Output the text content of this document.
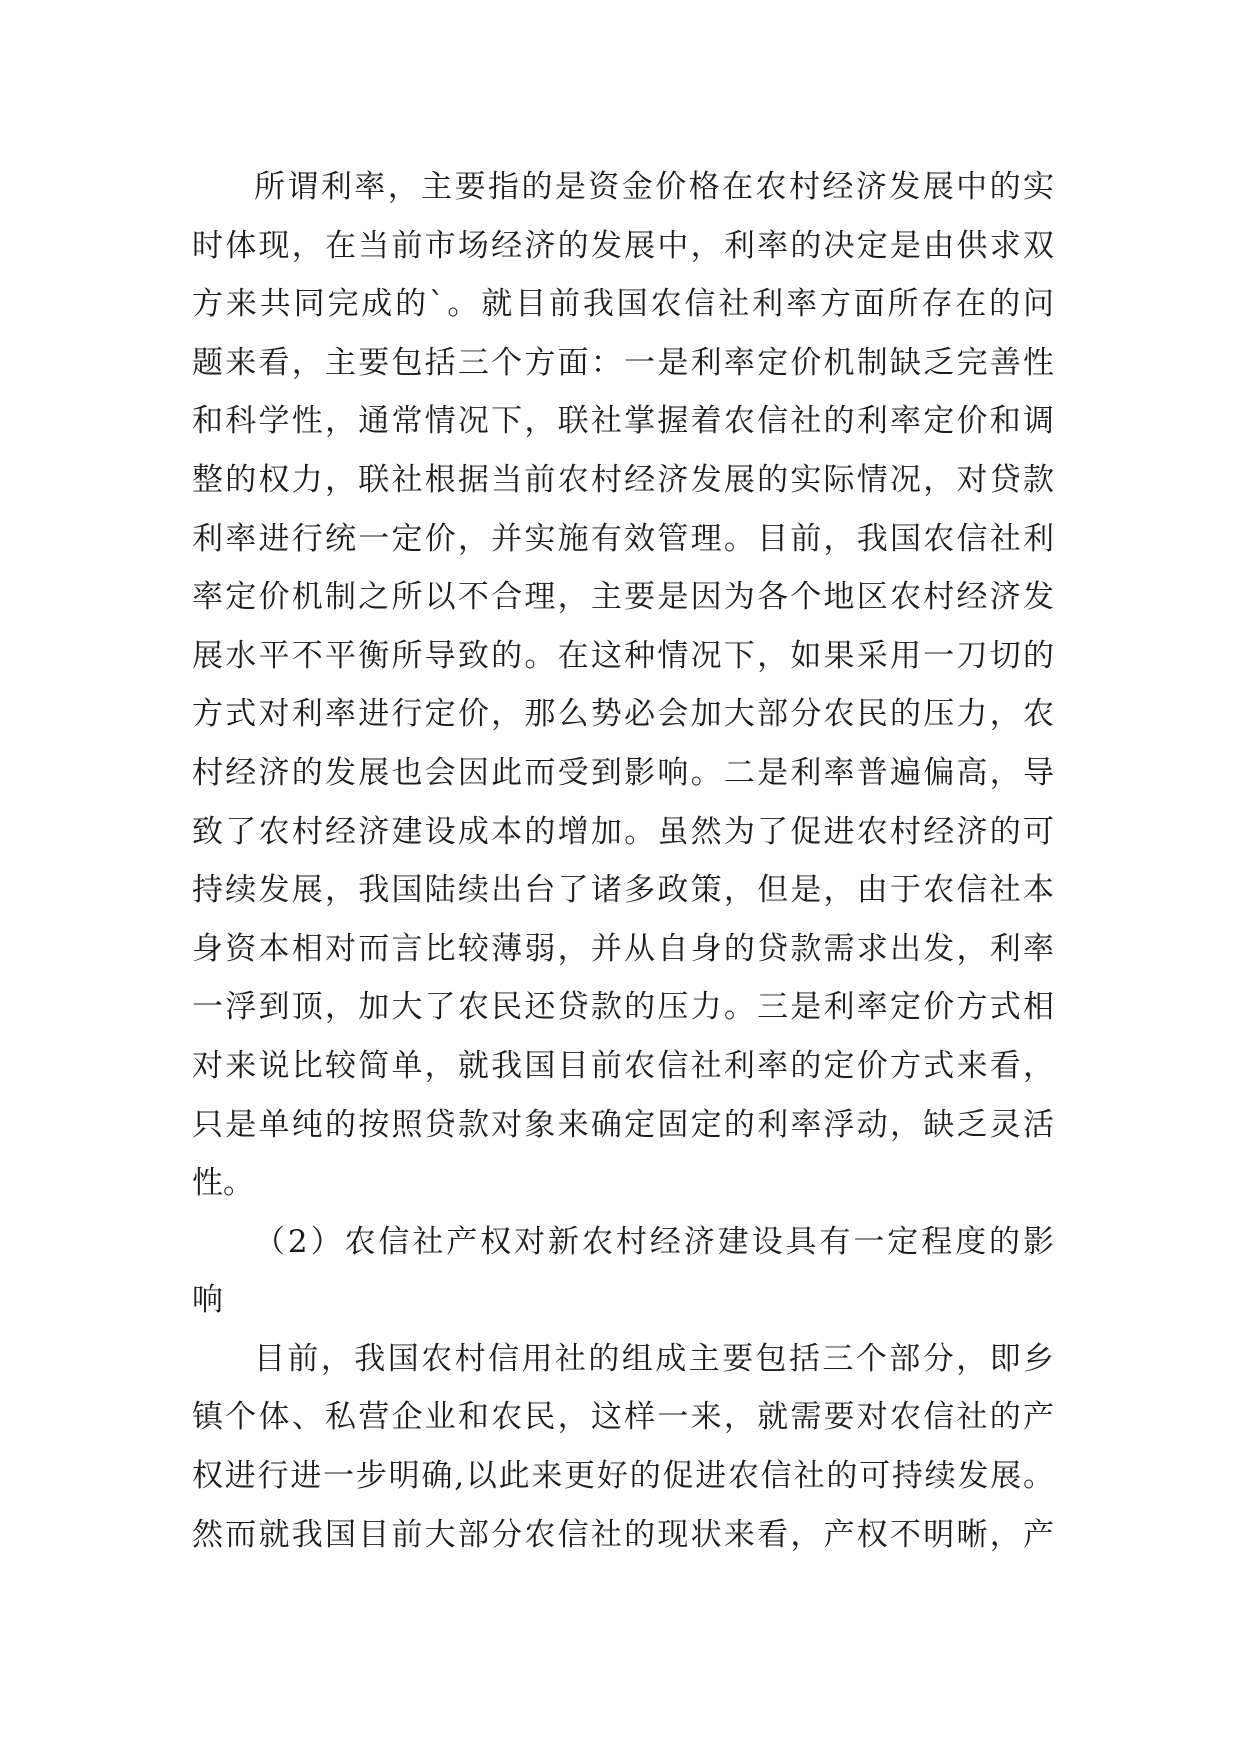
所谓利率，主要指的是资金价格在农村经济发展中的实
时体现，在当前市场经济的发展中，利率的决定是由供求双
方来共同完成的`。就目前我国农信社利率方面所存在的问
题来看，主要包括三个方面：一是利率定价机制缺乏完善性
和科学性，通常情况下，联社掌握着农信社的利率定价和调
整的权力，联社根据当前农村经济发展的实际情况，对贷款
利率进行统一定价，并实施有效管理。目前，我国农信社利
率定价机制之所以不合理，主要是因为各个地区农村经济发
展水平不平衡所导致的。在这种情况下，如果采用一刀切的
方式对利率进行定价，那么势必会加大部分农民的压力，农
村经济的发展也会因此而受到影响。二是利率普遍偏高，导
致了农村经济建设成本的增加。虽然为了促进农村经济的可
持续发展，我国陆续出台了诸多政策，但是，由于农信社本
身资本相对而言比较薄弱，并从自身的贷款需求出发，利率
一浮到顶，加大了农民还贷款的压力。三是利率定价方式相
对来说比较简单，就我国目前农信社利率的定价方式来看，
只是单纯的按照贷款对象来确定固定的利率浮动，缺乏灵活
性。
（2）农信社产权对新农村经济建设具有一定程度的影
响
目前，我国农村信用社的组成主要包括三个部分，即乡
镇个体、私营企业和农民，这样一来，就需要对农信社的产
权进行进一步明确,以此来更好的促进农信社的可持续发展。
然而就我国目前大部分农信社的现状来看，产权不明晰，产
